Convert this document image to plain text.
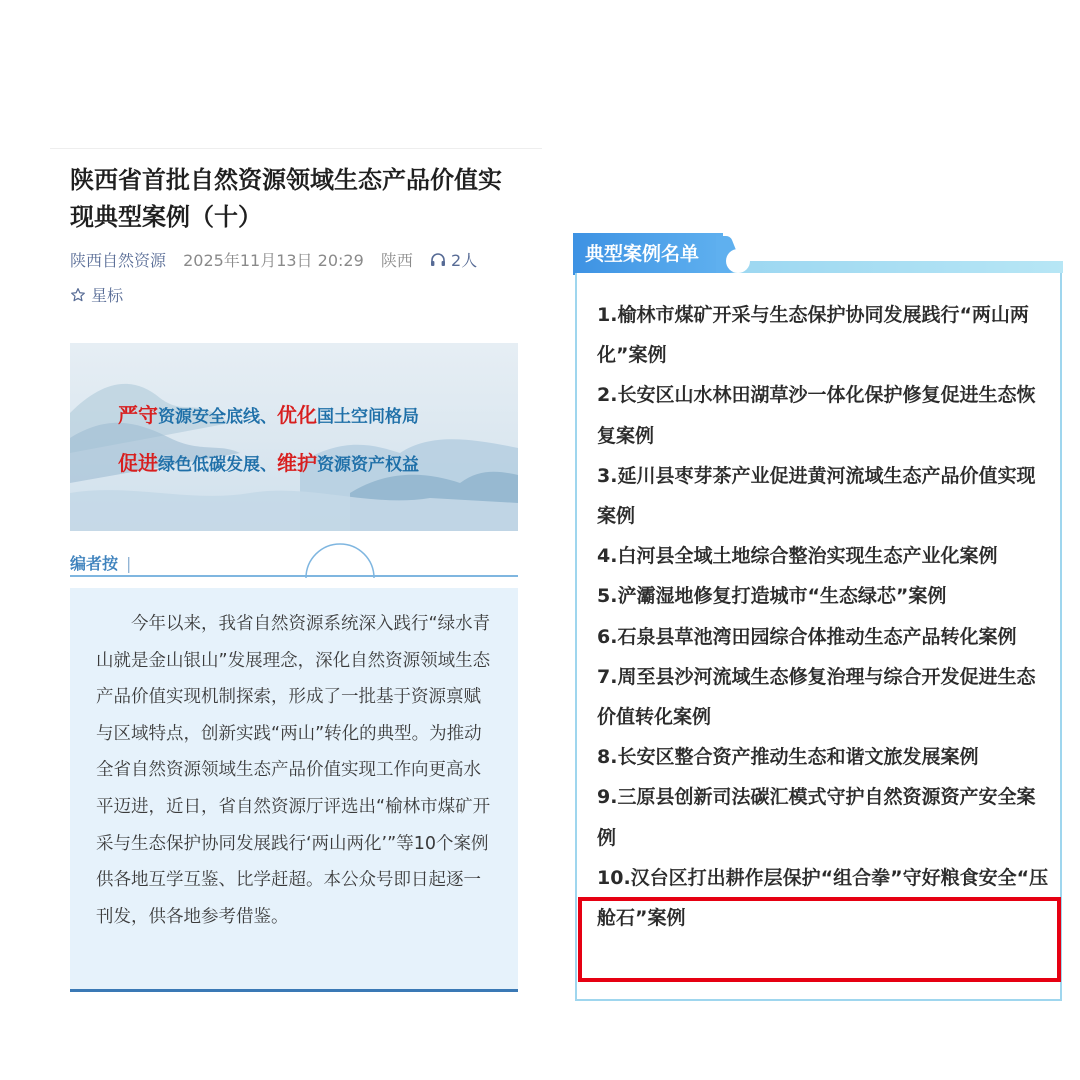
陕西省首批自然资源领域生态产品价值实现典型案例（十）
陕西自然资源 2025年11月13日 20:29 陕西 2人
星标
严守资源安全底线、优化国土空间格局
促进绿色低碳发展、维护资源资产权益
编者按 |

今年以来，我省自然资源系统深入践行“绿水青山就是金山银山”发展理念，深化自然资源领域生态产品价值实现机制探索，形成了一批基于资源禀赋与区域特点，创新实践“两山”转化的典型。为推动全省自然资源领域生态产品价值实现工作向更高水平迈进，近日，省自然资源厅评选出“榆林市煤矿开采与生态保护协同发展践行‘两山两化’”等10个案例供各地互学互鉴、比学赶超。本公众号即日起逐一刊发，供各地参考借鉴。

典型案例名单
1.榆林市煤矿开采与生态保护协同发展践行“两山两化”案例
2.长安区山水林田湖草沙一体化保护修复促进生态恢复案例
3.延川县枣芽茶产业促进黄河流域生态产品价值实现案例
4.白河县全域土地综合整治实现生态产业化案例
5.浐灞湿地修复打造城市“生态绿芯”案例
6.石泉县草池湾田园综合体推动生态产品转化案例
7.周至县沙河流域生态修复治理与综合开发促进生态价值转化案例
8.长安区整合资产推动生态和谐文旅发展案例
9.三原县创新司法碳汇模式守护自然资源资产安全案例
10.汉台区打出耕作层保护“组合拳”守好粮食安全“压舱石”案例
